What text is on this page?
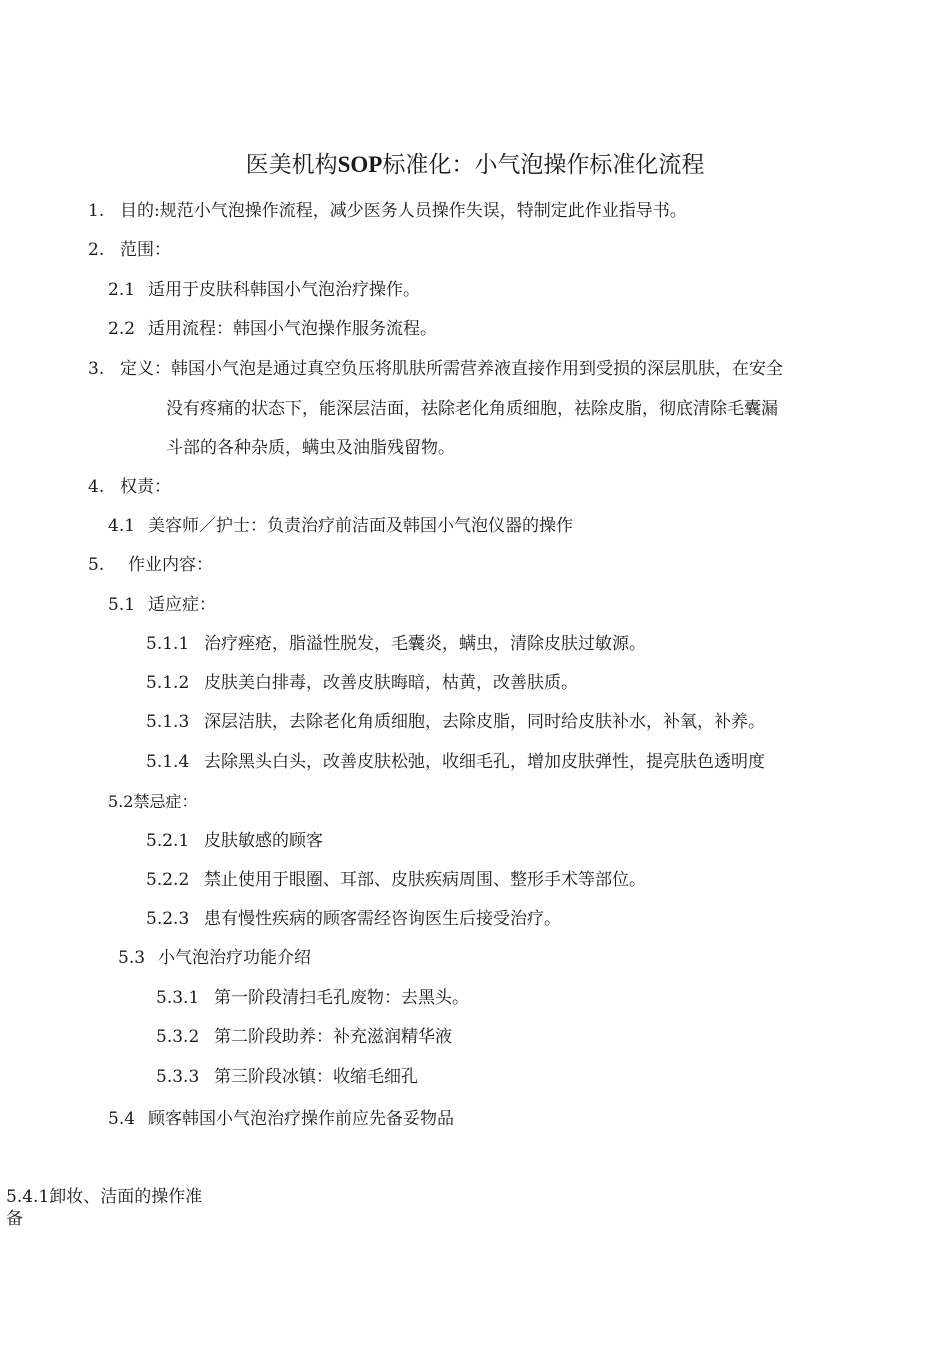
医美机构SOP标准化：小气泡操作标准化流程
1. 目的:规范小气泡操作流程，减少医务人员操作失误，特制定此作业指导书。
2. 范围：
2.1 适用于皮肤科韩国小气泡治疗操作。
2.2 适用流程：韩国小气泡操作服务流程。
3. 定义：韩国小气泡是通过真空负压将肌肤所需营养液直接作用到受损的深层肌肤，在安全
没有疼痛的状态下，能深层洁面，祛除老化角质细胞，祛除皮脂，彻底清除毛囊漏
斗部的各种杂质，螨虫及油脂残留物。
4. 权责：
4.1 美容师／护士：负责治疗前洁面及韩国小气泡仪器的操作
5. 作业内容：
5.1 适应症：
5.1.1 治疗痤疮，脂溢性脱发，毛囊炎，螨虫，清除皮肤过敏源。
5.1.2 皮肤美白排毒，改善皮肤晦暗，枯黄，改善肤质。
5.1.3 深层洁肤，去除老化角质细胞，去除皮脂，同时给皮肤补水，补氧，补养。
5.1.4 去除黑头白头，改善皮肤松弛，收细毛孔，增加皮肤弹性，提亮肤色透明度
5.2禁忌症：
5.2.1 皮肤敏感的顾客
5.2.2 禁止使用于眼圈、耳部、皮肤疾病周围、整形手术等部位。
5.2.3 患有慢性疾病的顾客需经咨询医生后接受治疗。
5.3 小气泡治疗功能介绍
5.3.1 第一阶段清扫毛孔废物：去黑头。
5.3.2 第二阶段助养：补充滋润精华液
5.3.3 第三阶段冰镇：收缩毛细孔
5.4 顾客韩国小气泡治疗操作前应先备妥物品
5.4.1卸妆、洁面的操作准
备
